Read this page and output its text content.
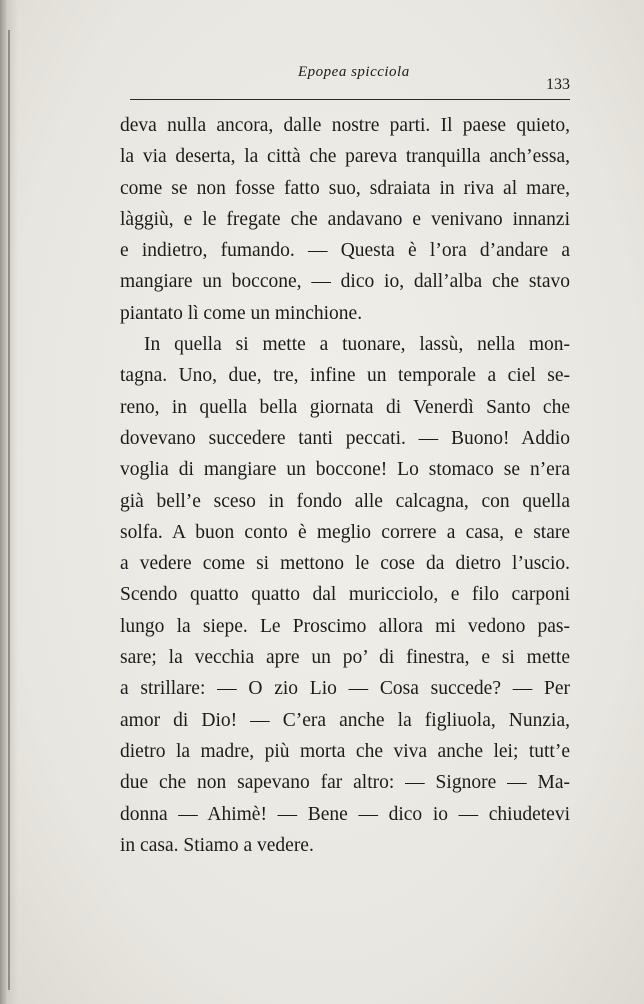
Epopea spicciola
133
deva nulla ancora, dalle nostre parti. Il paese quieto,
la via deserta, la città che pareva tranquilla anch’essa,
come se non fosse fatto suo, sdraiata in riva al mare,
làggiù, e le fregate che andavano e venivano innanzi
e indietro, fumando. — Questa è l’ora d’andare a
mangiare un boccone, — dico io, dall’alba che stavo
piantato lì come un minchione.
In quella si mette a tuonare, lassù, nella mon-
tagna. Uno, due, tre, infine un temporale a ciel se-
reno, in quella bella giornata di Venerdì Santo che
dovevano succedere tanti peccati. — Buono! Addio
voglia di mangiare un boccone! Lo stomaco se n’era
già bell’e sceso in fondo alle calcagna, con quella
solfa. A buon conto è meglio correre a casa, e stare
a vedere come si mettono le cose da dietro l’uscio.
Scendo quatto quatto dal muricciolo, e filo carponi
lungo la siepe. Le Proscimo allora mi vedono pas-
sare; la vecchia apre un po’ di finestra, e si mette
a strillare: — O zio Lio — Cosa succede? — Per
amor di Dio! — C’era anche la figliuola, Nunzia,
dietro la madre, più morta che viva anche lei; tutt’e
due che non sapevano far altro: — Signore — Ma-
donna — Ahimè! — Bene — dico io — chiudetevi
in casa. Stiamo a vedere.
